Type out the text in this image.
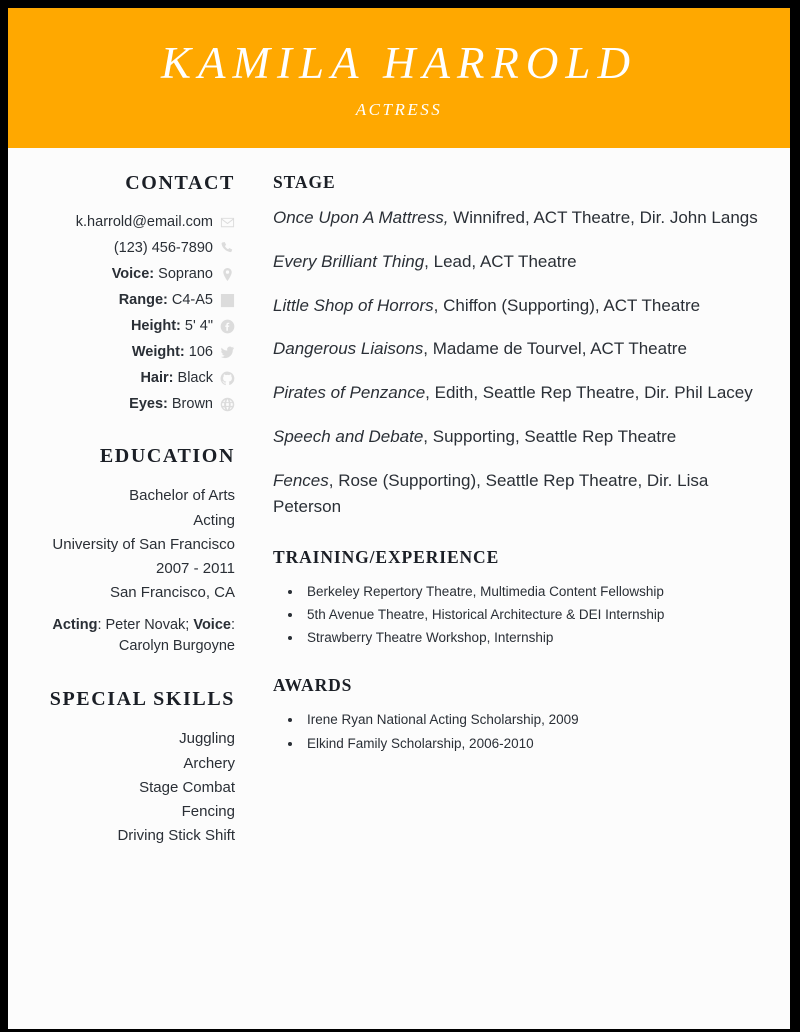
KAMILA HARROLD
ACTRESS
CONTACT
k.harrold@email.com
(123) 456-7890
Voice: Soprano
Range: C4-A5
Height: 5' 4"
Weight: 106
Hair: Black
Eyes: Brown
EDUCATION
Bachelor of Arts
Acting
University of San Francisco
2007 - 2011
San Francisco, CA
Acting: Peter Novak; Voice: Carolyn Burgoyne
SPECIAL SKILLS
Juggling
Archery
Stage Combat
Fencing
Driving Stick Shift
STAGE
Once Upon A Mattress, Winnifred, ACT Theatre, Dir. John Langs
Every Brilliant Thing, Lead, ACT Theatre
Little Shop of Horrors, Chiffon (Supporting), ACT Theatre
Dangerous Liaisons, Madame de Tourvel, ACT Theatre
Pirates of Penzance, Edith, Seattle Rep Theatre, Dir. Phil Lacey
Speech and Debate, Supporting, Seattle Rep Theatre
Fences, Rose (Supporting), Seattle Rep Theatre, Dir. Lisa Peterson
TRAINING/EXPERIENCE
• Berkeley Repertory Theatre, Multimedia Content Fellowship
• 5th Avenue Theatre, Historical Architecture & DEI Internship
• Strawberry Theatre Workshop, Internship
AWARDS
• Irene Ryan National Acting Scholarship, 2009
• Elkind Family Scholarship, 2006-2010
